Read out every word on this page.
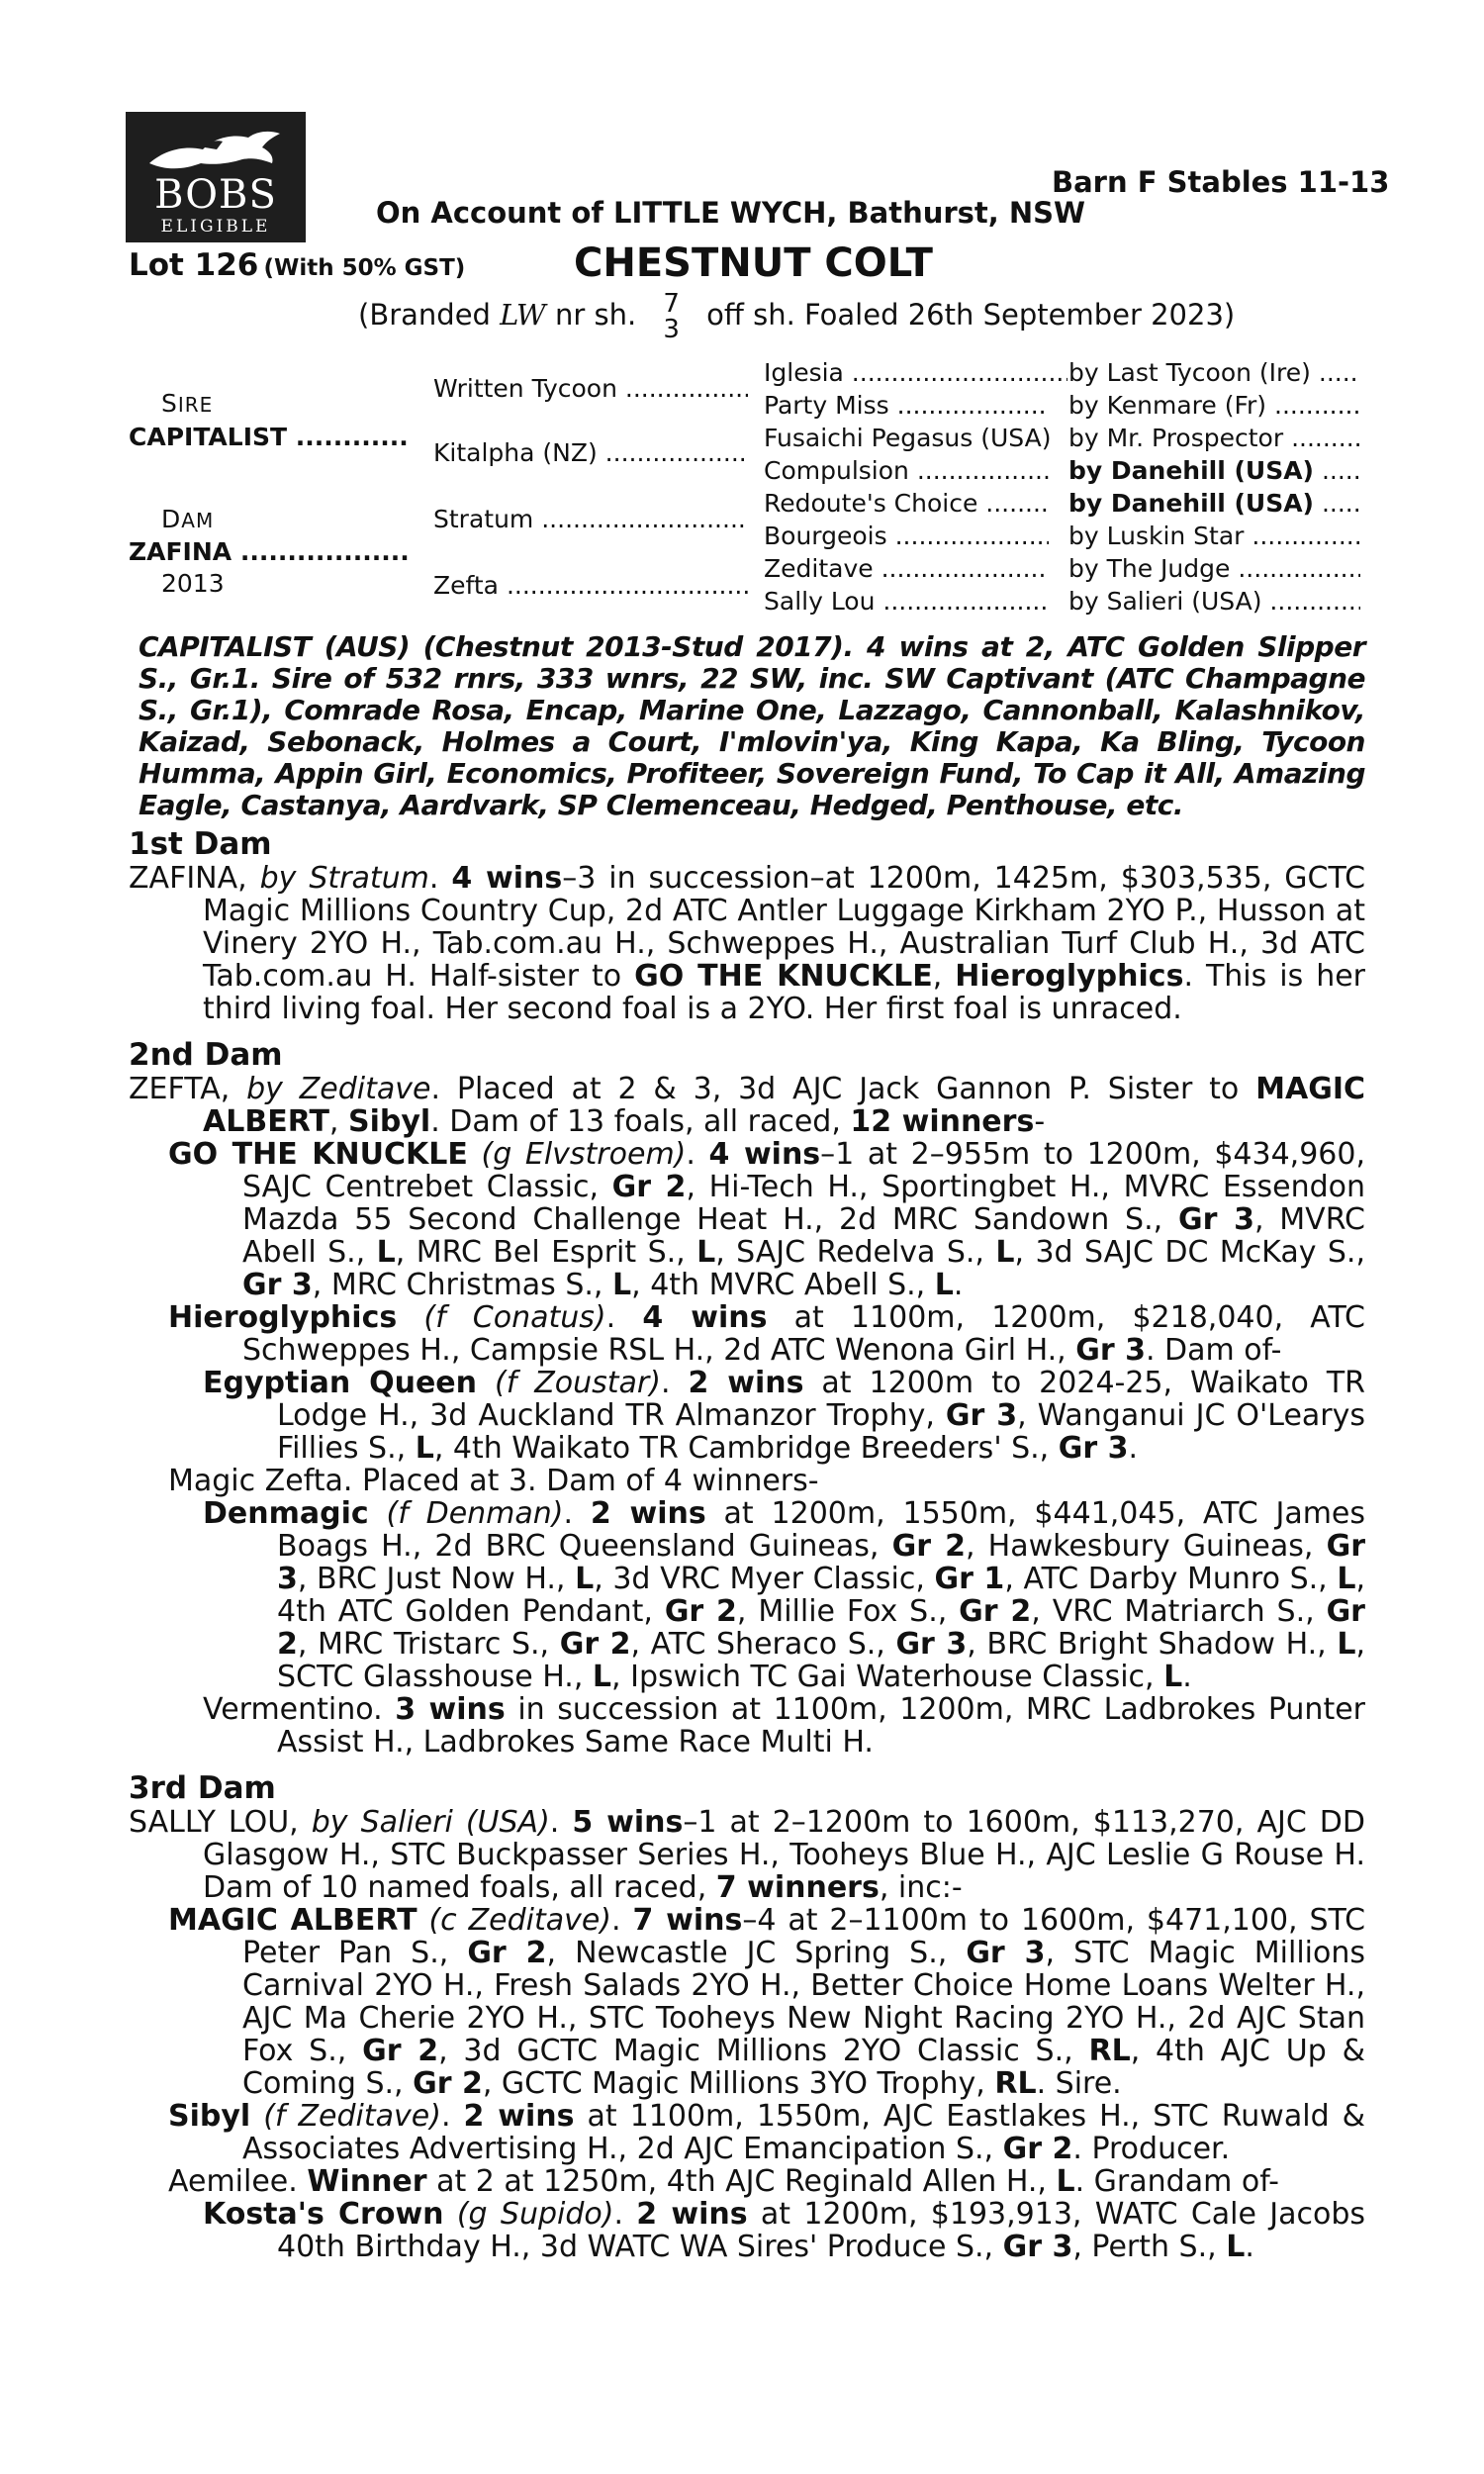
BOBS
ELIGIBLE
Barn F Stables 11-13
On Account of LITTLE WYCH, Bathurst, NSW
Lot 126 (With 50% GST)	CHESTNUT COLT
(Branded LW nr sh. 7
3 off sh. Foaled 26th September 2023)
SIRE
CAPITALIST .....
DAM
ZAFINA .....
2013
Written Tycoon .....
Kitalpha (NZ) .....
Stratum .....
Zefta .....
Iglesia .....
Party Miss .....
Fusaichi Pegasus (USA) .....
Compulsion .....
Redoute's Choice .....
Bourgeois .....
Zeditave .....
Sally Lou .....
by Last Tycoon (Ire) .....
by Kenmare (Fr) .....
by Mr. Prospector .....
by Danehill (USA) .....
by Danehill (USA) .....
by Luskin Star .....
by The Judge .....
by Salieri (USA) .....
CAPITALIST (AUS) (Chestnut 2013-Stud 2017). 4 wins at 2, ATC Golden Slipper S., Gr.1. Sire of 532 rnrs, 333 wnrs, 22 SW, inc. SW Captivant (ATC Champagne S., Gr.1), Comrade Rosa, Encap, Marine One, Lazzago, Cannonball, Kalashnikov, Kaizad, Sebonack, Holmes a Court, I'mlovin'ya, King Kapa, Ka Bling, Tycoon Humma, Appin Girl, Economics, Profiteer, Sovereign Fund, To Cap it All, Amazing Eagle, Castanya, Aardvark, SP Clemenceau, Hedged, Penthouse, etc.
1st Dam
ZAFINA, by Stratum. 4 wins–3 in succession–at 1200m, 1425m, $303,535, GCTC Magic Millions Country Cup, 2d ATC Antler Luggage Kirkham 2YO P., Husson at Vinery 2YO H., Tab.com.au H., Schweppes H., Australian Turf Club H., 3d ATC Tab.com.au H. Half-sister to GO THE KNUCKLE, Hieroglyphics. This is her third living foal. Her second foal is a 2YO. Her first foal is unraced.
2nd Dam
ZEFTA, by Zeditave. Placed at 2 & 3, 3d AJC Jack Gannon P. Sister to MAGIC ALBERT, Sibyl. Dam of 13 foals, all raced, 12 winners-
GO THE KNUCKLE (g Elvstroem). 4 wins–1 at 2–955m to 1200m, $434,960, SAJC Centrebet Classic, Gr 2, Hi-Tech H., Sportingbet H., MVRC Essendon Mazda 55 Second Challenge Heat H., 2d MRC Sandown S., Gr 3, MVRC Abell S., L, MRC Bel Esprit S., L, SAJC Redelva S., L, 3d SAJC DC McKay S., Gr 3, MRC Christmas S., L, 4th MVRC Abell S., L.
Hieroglyphics (f Conatus). 4 wins at 1100m, 1200m, $218,040, ATC Schweppes H., Campsie RSL H., 2d ATC Wenona Girl H., Gr 3. Dam of-
Egyptian Queen (f Zoustar). 2 wins at 1200m to 2024-25, Waikato TR Lodge H., 3d Auckland TR Almanzor Trophy, Gr 3, Wanganui JC O'Learys Fillies S., L, 4th Waikato TR Cambridge Breeders' S., Gr 3.
Magic Zefta. Placed at 3. Dam of 4 winners-
Denmagic (f Denman). 2 wins at 1200m, 1550m, $441,045, ATC James Boags H., 2d BRC Queensland Guineas, Gr 2, Hawkesbury Guineas, Gr 3, BRC Just Now H., L, 3d VRC Myer Classic, Gr 1, ATC Darby Munro S., L, 4th ATC Golden Pendant, Gr 2, Millie Fox S., Gr 2, VRC Matriarch S., Gr 2, MRC Tristarc S., Gr 2, ATC Sheraco S., Gr 3, BRC Bright Shadow H., L, SCTC Glasshouse H., L, Ipswich TC Gai Waterhouse Classic, L.
Vermentino. 3 wins in succession at 1100m, 1200m, MRC Ladbrokes Punter Assist H., Ladbrokes Same Race Multi H.
3rd Dam
SALLY LOU, by Salieri (USA). 5 wins–1 at 2–1200m to 1600m, $113,270, AJC DD Glasgow H., STC Buckpasser Series H., Tooheys Blue H., AJC Leslie G Rouse H. Dam of 10 named foals, all raced, 7 winners, inc:-
MAGIC ALBERT (c Zeditave). 7 wins–4 at 2–1100m to 1600m, $471,100, STC Peter Pan S., Gr 2, Newcastle JC Spring S., Gr 3, STC Magic Millions Carnival 2YO H., Fresh Salads 2YO H., Better Choice Home Loans Welter H., AJC Ma Cherie 2YO H., STC Tooheys New Night Racing 2YO H., 2d AJC Stan Fox S., Gr 2, 3d GCTC Magic Millions 2YO Classic S., RL, 4th AJC Up & Coming S., Gr 2, GCTC Magic Millions 3YO Trophy, RL. Sire.
Sibyl (f Zeditave). 2 wins at 1100m, 1550m, AJC Eastlakes H., STC Ruwald & Associates Advertising H., 2d AJC Emancipation S., Gr 2. Producer.
Aemilee. Winner at 2 at 1250m, 4th AJC Reginald Allen H., L. Grandam of-
Kosta's Crown (g Supido). 2 wins at 1200m, $193,913, WATC Cale Jacobs 40th Birthday H., 3d WATC WA Sires' Produce S., Gr 3, Perth S., L.
